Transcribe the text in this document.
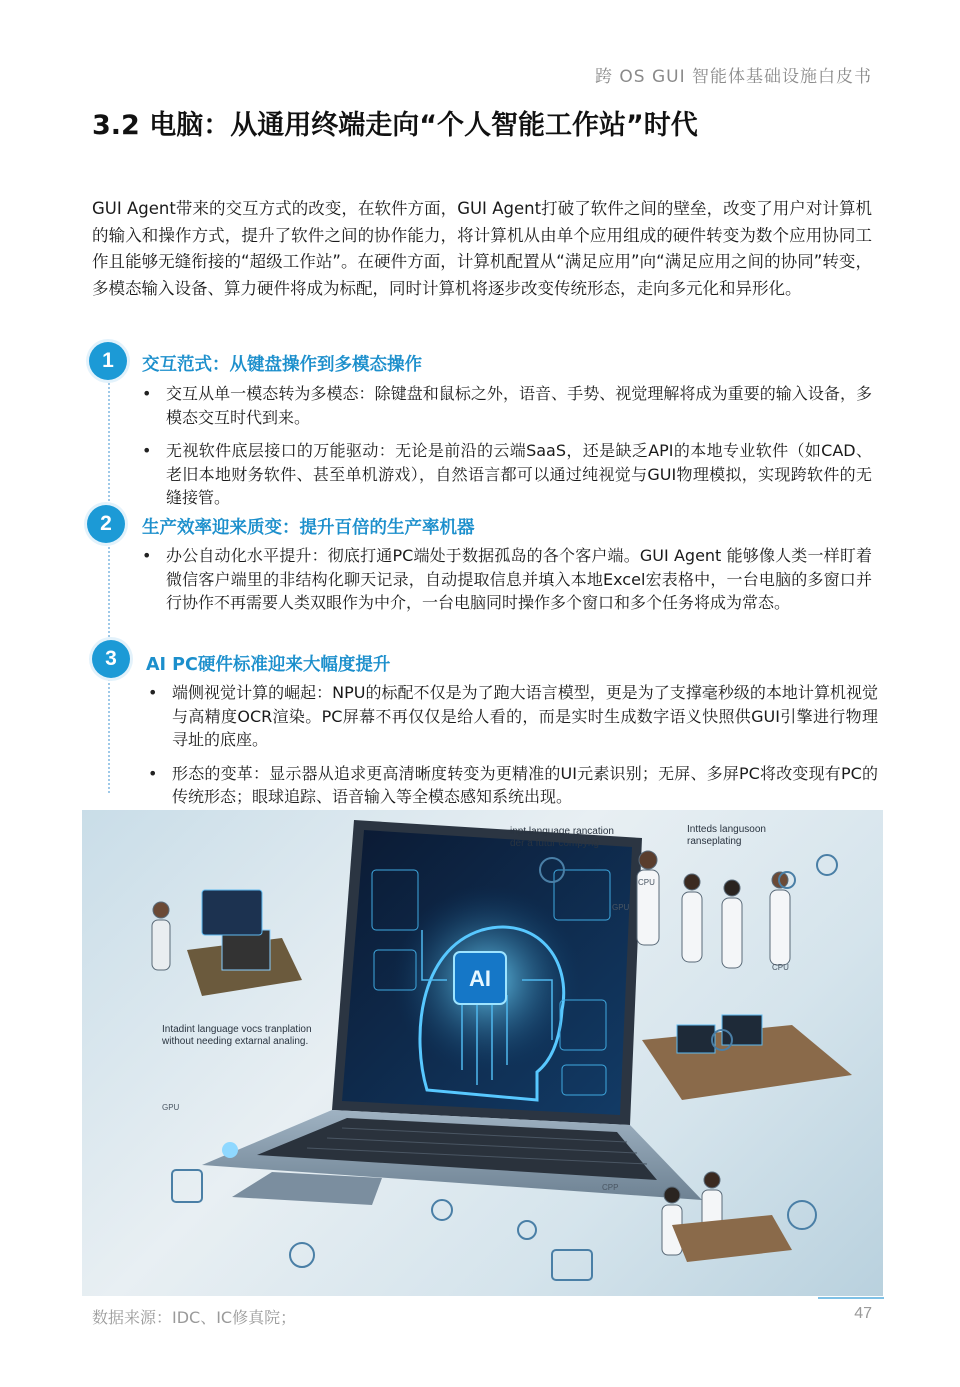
跨 OS GUI 智能体基础设施白皮书
3.2 电脑：从通用终端走向“个人智能工作站”时代

GUI Agent带来的交互方式的改变，在软件方面，GUI Agent打破了软件之间的壁垒，改变了用户对计算机的输入和操作方式，提升了软件之间的协作能力，将计算机从由单个应用组成的硬件转变为数个应用协同工作且能够无缝衔接的“超级工作站”。在硬件方面，计算机配置从“满足应用”向“满足应用之间的协同”转变，多模态输入设备、算力硬件将成为标配，同时计算机将逐步改变传统形态，走向多元化和异形化。

1	交互范式：从键盘操作到多模态操作
• 交互从单一模态转为多模态：除键盘和鼠标之外，语音、手势、视觉理解将成为重要的输入设备，多模态交互时代到来。
• 无视软件底层接口的万能驱动：无论是前沿的云端SaaS，还是缺乏API的本地专业软件（如CAD、老旧本地财务软件、甚至单机游戏），自然语言都可以通过纯视觉与GUI物理模拟，实现跨软件的无缝接管。
2	生产效率迎来质变：提升百倍的生产率机器
• 办公自动化水平提升：彻底打通PC端处于数据孤岛的各个客户端。GUI Agent 能够像人类一样盯着微信客户端里的非结构化聊天记录，自动提取信息并填入本地Excel宏表格中，一台电脑的多窗口并行协作不再需要人类双眼作为中介，一台电脑同时操作多个窗口和多个任务将成为常态。
3	AI PC硬件标准迎来大幅度提升
• 端侧视觉计算的崛起：NPU的标配不仅是为了跑大语言模型，更是为了支撑毫秒级的本地计算机视觉与高精度OCR渲染。PC屏幕不再仅仅是给人看的，而是实时生成数字语义快照供GUI引擎进行物理寻址的底座。
• 形态的变革：显示器从追求更高清晰度转变为更精准的UI元素识别；无屏、多屏PC将改变现有PC的传统形态；眼球追踪、语音输入等全模态感知系统出现。
AI
inpt language rancation der a futur compyng
Intteds langusoon ranseplating
Intadint language vocs tranplation without needing extarnal analing.
CPU
GPU
GPU
CPP
CPU
数据来源：IDC、IC修真院；	47
